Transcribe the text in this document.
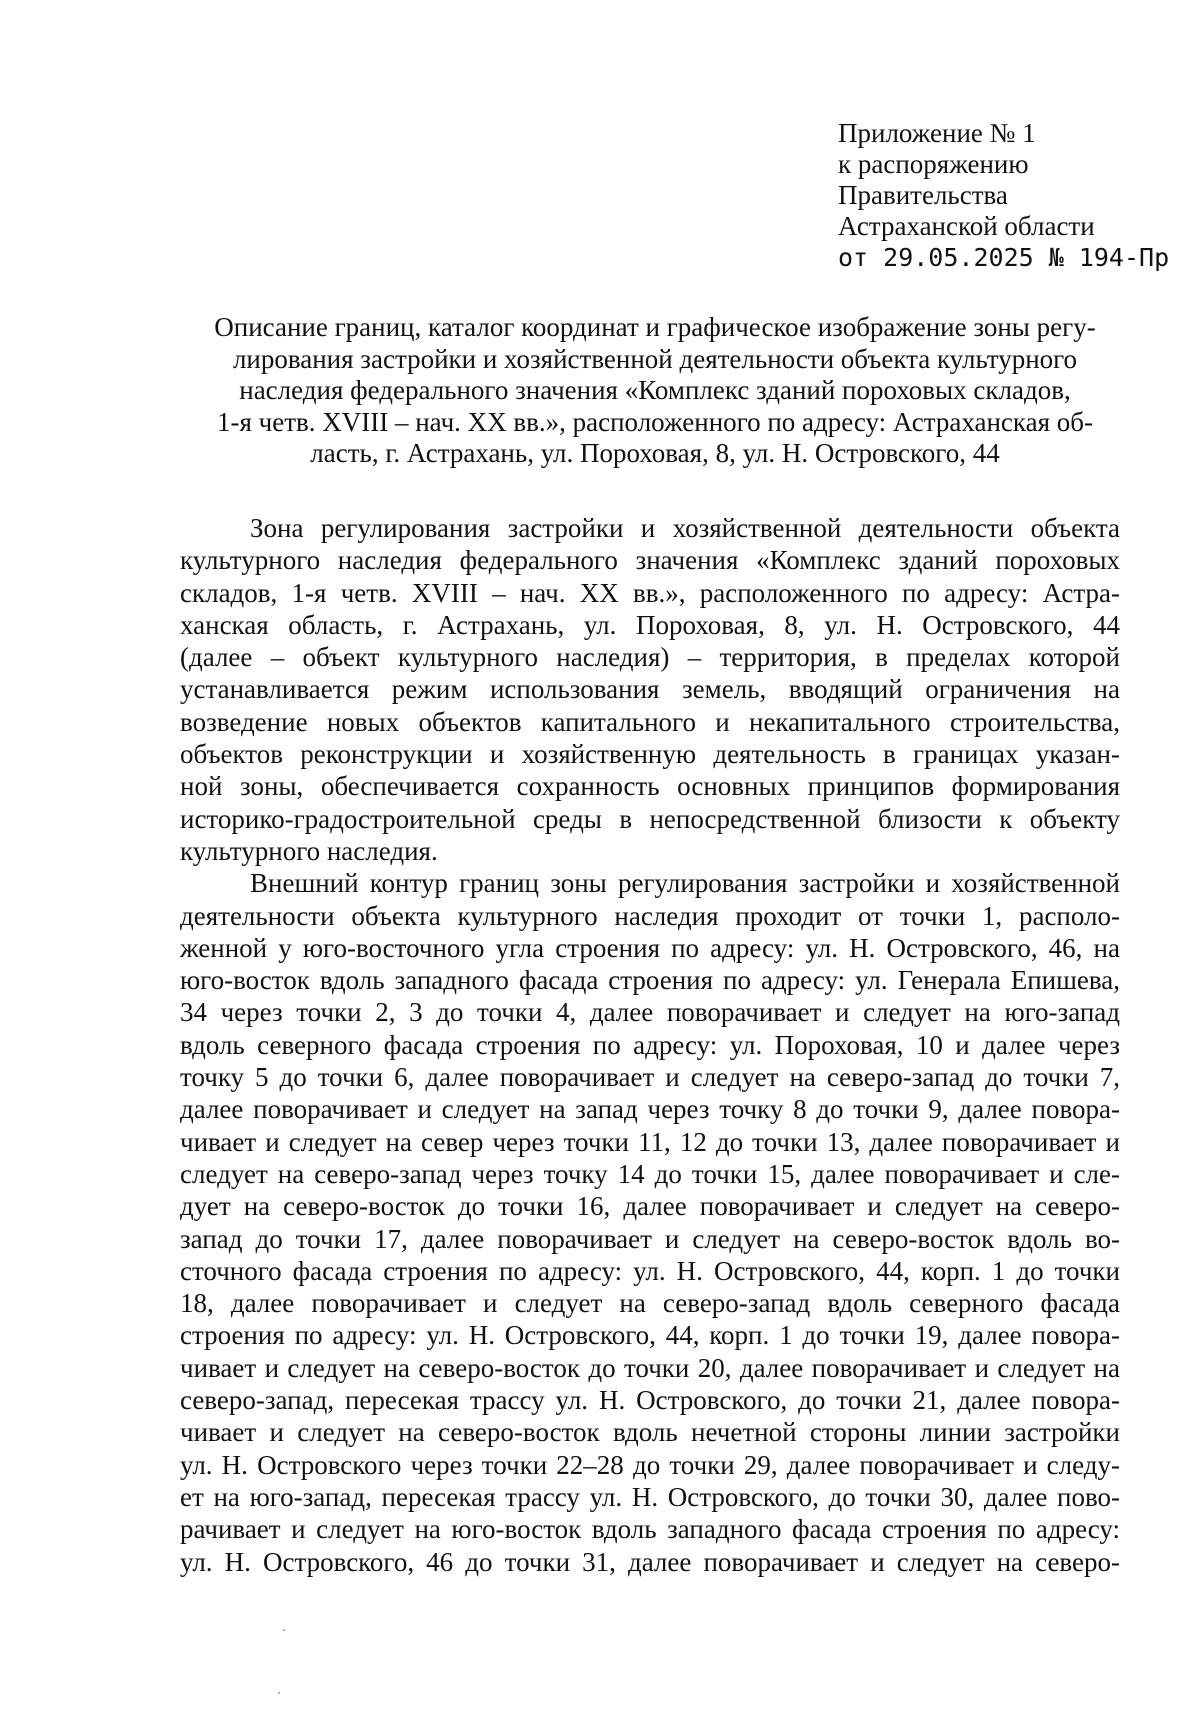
Приложение № 1
к распоряжению
Правительства
Астраханской области
от 29.05.2025 № 194-Пр
Описание границ, каталог координат и графическое изображение зоны регу-
лирования застройки и хозяйственной деятельности объекта культурного
наследия федерального значения «Комплекс зданий пороховых складов,
1-я четв. XVIII – нач. XX вв.», расположенного по адресу: Астраханская об-
ласть, г. Астрахань, ул. Пороховая, 8, ул. Н. Островского, 44

Зона регулирования застройки и хозяйственной деятельности объекта
культурного наследия федерального значения «Комплекс зданий пороховых
складов, 1-я четв. XVIII – нач. XX вв.», расположенного по адресу: Астра-
ханская область, г. Астрахань, ул. Пороховая, 8, ул. Н. Островского, 44
(далее – объект культурного наследия) – территория, в пределах которой
устанавливается режим использования земель, вводящий ограничения на
возведение новых объектов капитального и некапитального строительства,
объектов реконструкции и хозяйственную деятельность в границах указан-
ной зоны, обеспечивается сохранность основных принципов формирования
историко-градостроительной среды в непосредственной близости к объекту
культурного наследия.

Внешний контур границ зоны регулирования застройки и хозяйственной
деятельности объекта культурного наследия проходит от точки 1, располо-
женной у юго-восточного угла строения по адресу: ул. Н. Островского, 46, на
юго-восток вдоль западного фасада строения по адресу: ул. Генерала Епишева,
34 через точки 2, 3 до точки 4, далее поворачивает и следует на юго-запад
вдоль северного фасада строения по адресу: ул. Пороховая, 10 и далее через
точку 5 до точки 6, далее поворачивает и следует на северо-запад до точки 7,
далее поворачивает и следует на запад через точку 8 до точки 9, далее повора-
чивает и следует на север через точки 11, 12 до точки 13, далее поворачивает и
следует на северо-запад через точку 14 до точки 15, далее поворачивает и сле-
дует на северо-восток до точки 16, далее поворачивает и следует на северо-
запад до точки 17, далее поворачивает и следует на северо-восток вдоль во-
сточного фасада строения по адресу: ул. Н. Островского, 44, корп. 1 до точки
18, далее поворачивает и следует на северо-запад вдоль северного фасада
строения по адресу: ул. Н. Островского, 44, корп. 1 до точки 19, далее повора-
чивает и следует на северо-восток до точки 20, далее поворачивает и следует на
северо-запад, пересекая трассу ул. Н. Островского, до точки 21, далее повора-
чивает и следует на северо-восток вдоль нечетной стороны линии застройки
ул. Н. Островского через точки 22–28 до точки 29, далее поворачивает и следу-
ет на юго-запад, пересекая трассу ул. Н. Островского, до точки 30, далее пово-
рачивает и следует на юго-восток вдоль западного фасада строения по адресу:
ул. Н. Островского, 46 до точки 31, далее поворачивает и следует на северо-
